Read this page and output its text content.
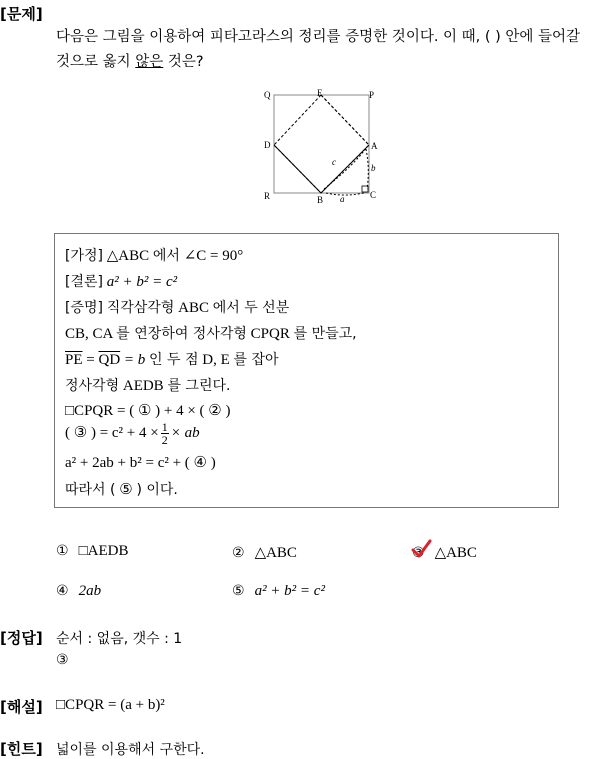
[문제]
다음은 그림을 이용하여 피타고라스의 정리를 증명한 것이다. 이 때, ( ) 안에 들어갈
것으로 옳지 않은 것은?
Q	E	P
D	A
R	B	C
c
b
a
[가정] △ABC 에서 ∠C = 90°
[결론] a² + b² = c²
[증명] 직각삼각형 ABC 에서 두 선분
CB, CA 를 연장하여 정사각형 CPQR 를 만들고,
$\overline{PE} = \overline{QD} = b$ 인 두 점 D, E 를 잡아
정사각형 AEDB 를 그린다.
□CPQR = ( ① ) + 4 × ( ② )
( ③ ) = $c^2 + 4 \times \frac{1}{2}$ × ab
a² + 2ab + b² = c² + ( ④ )
따라서 ( ⑤ ) 이다.
① □AEDB	② △ABC	③ △ABC
④ 2ab	⑤ a² + b² = c²
[정답] 순서 : 없음, 갯수 : 1
③
[해설] □CPQR = (a + b)²
[힌트] 넓이를 이용해서 구한다.
